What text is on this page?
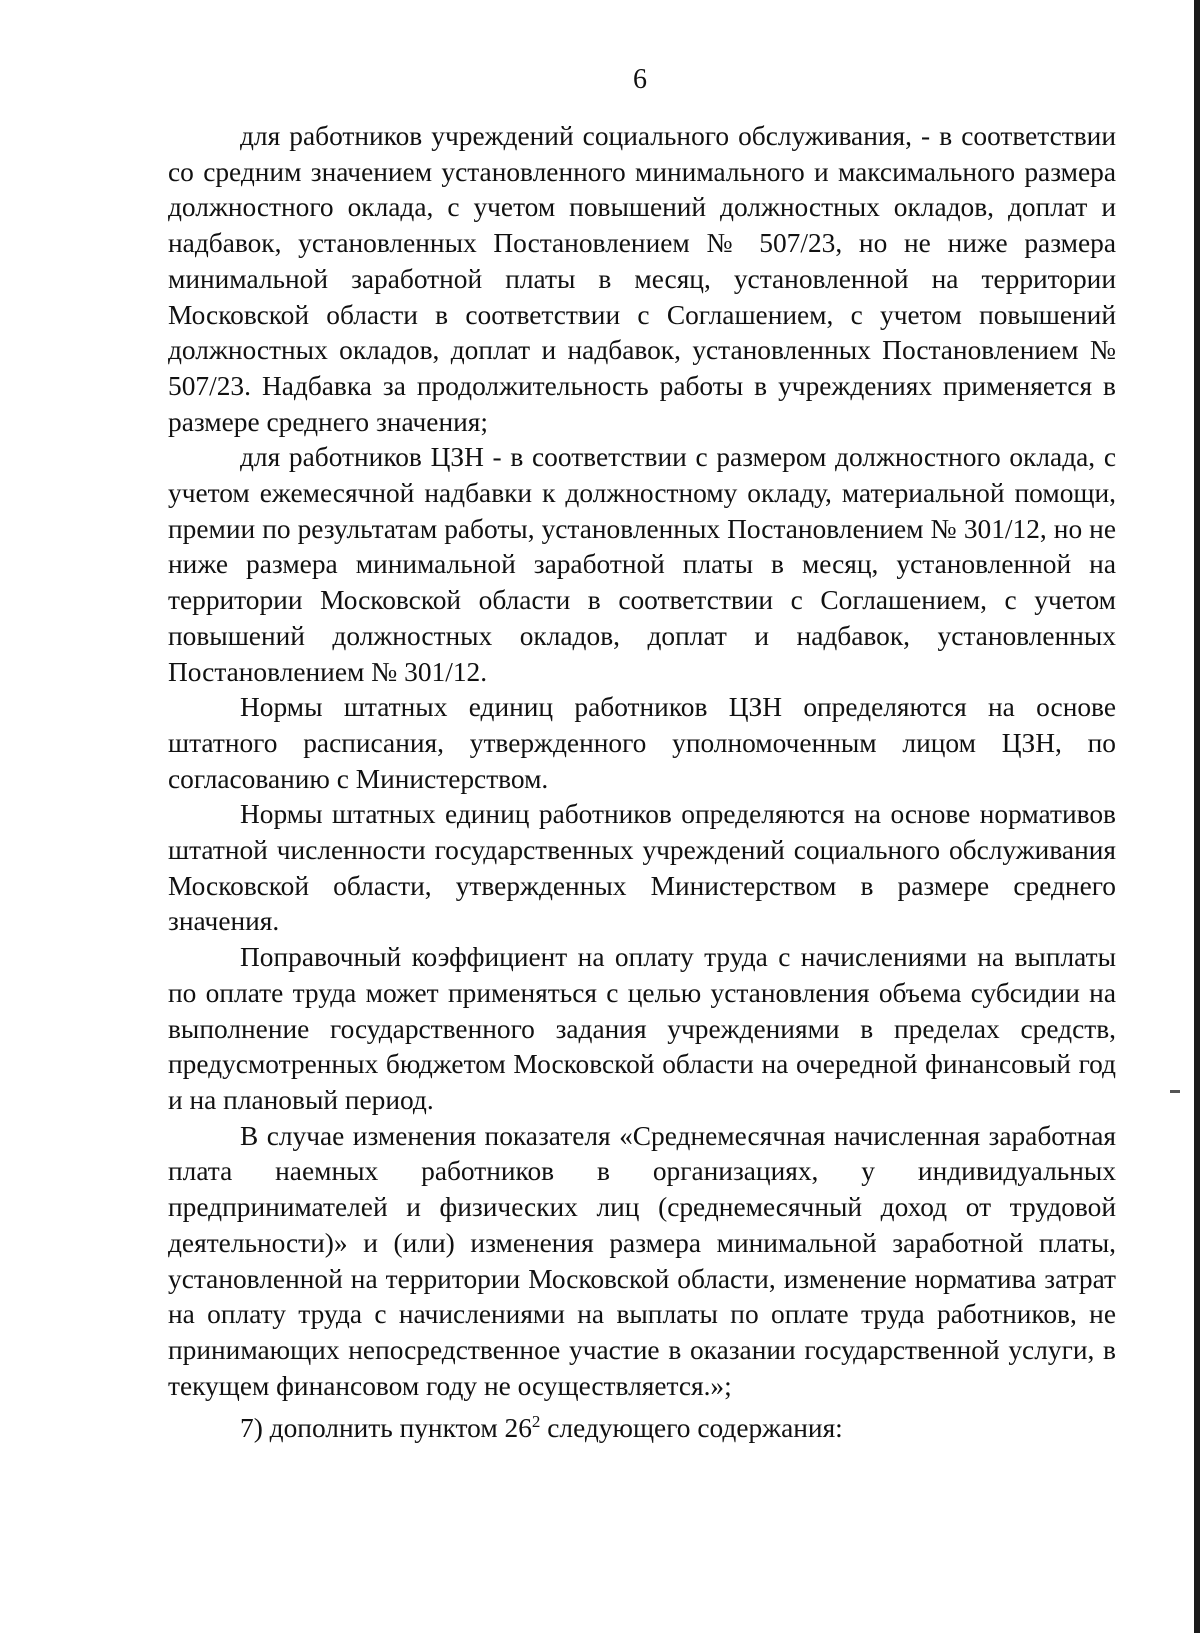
6

для работников учреждений социального обслуживания, - в соответствии со средним значением установленного минимального и максимального размера должностного оклада, с учетом повышений должностных окладов, доплат и надбавок, установленных Постановлением № 507/23, но не ниже размера минимальной заработной платы в месяц, установленной на территории Московской области в соответствии с Соглашением, с учетом повышений должностных окладов, доплат и надбавок, установленных Постановлением № 507/23. Надбавка за продолжительность работы в учреждениях применяется в размере среднего значения;

для работников ЦЗН - в соответствии с размером должностного оклада, с учетом ежемесячной надбавки к должностному окладу, материальной помощи, премии по результатам работы, установленных Постановлением № 301/12, но не ниже размера минимальной заработной платы в месяц, установленной на территории Московской области в соответствии с Соглашением, с учетом повышений должностных окладов, доплат и надбавок, установленных Постановлением № 301/12.

Нормы штатных единиц работников ЦЗН определяются на основе штатного расписания, утвержденного уполномоченным лицом ЦЗН, по согласованию с Министерством.

Нормы штатных единиц работников определяются на основе нормативов штатной численности государственных учреждений социального обслуживания Московской области, утвержденных Министерством в размере среднего значения.

Поправочный коэффициент на оплату труда с начислениями на выплаты по оплате труда может применяться с целью установления объема субсидии на выполнение государственного задания учреждениями в пределах средств, предусмотренных бюджетом Московской области на очередной финансовый год и на плановый период.

В случае изменения показателя «Среднемесячная начисленная заработная плата наемных работников в организациях, у индивидуальных предпринимателей и физических лиц (среднемесячный доход от трудовой деятельности)» и (или) изменения размера минимальной заработной платы, установленной на территории Московской области, изменение норматива затрат на оплату труда с начислениями на выплаты по оплате труда работников, не принимающих непосредственное участие в оказании государственной услуги, в текущем финансовом году не осуществляется.»;

7) дополнить пунктом $26^2$ следующего содержания:
